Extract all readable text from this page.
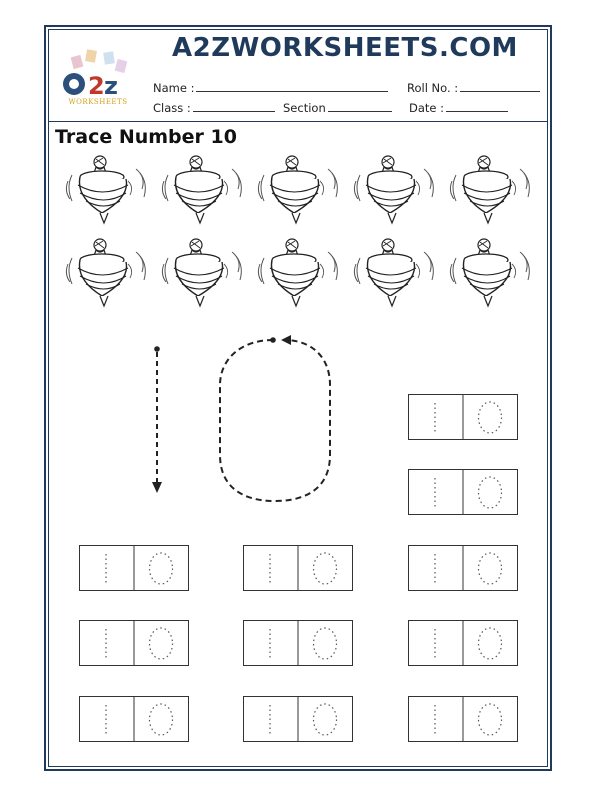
2 z
WORKSHEETS
A2ZWORKSHEETS.COM
Name :	Roll No. :
Class :	Section	Date :
Trace Number 10
